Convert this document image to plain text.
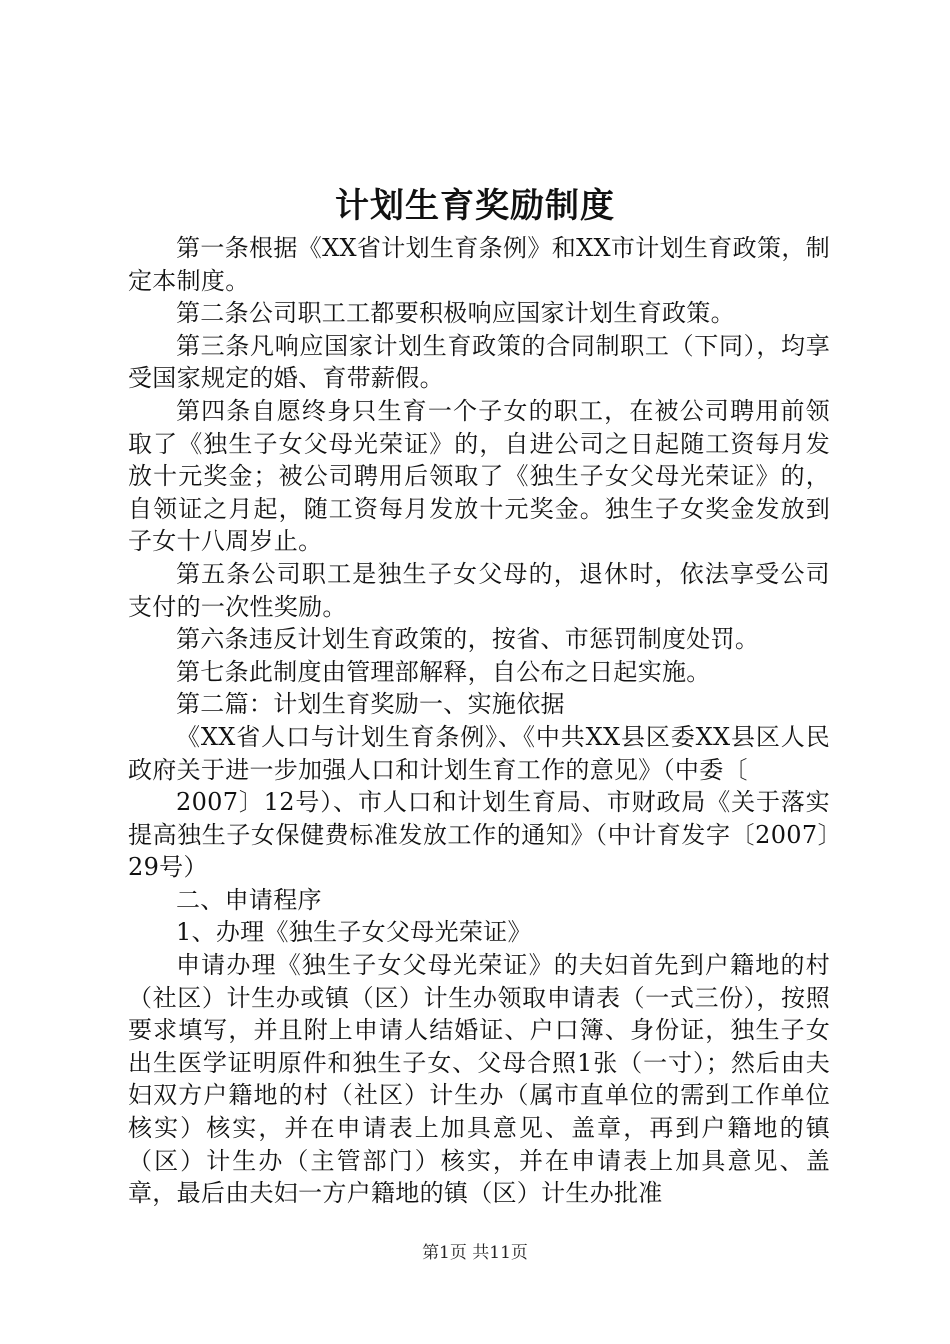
计划生育奖励制度

第一条根据《XX省计划生育条例》和XX市计划生育政策，制定本制度。

第二条公司职工工都要积极响应国家计划生育政策。

第三条凡响应国家计划生育政策的合同制职工（下同），均享受国家规定的婚、育带薪假。

第四条自愿终身只生育一个子女的职工，在被公司聘用前领取了《独生子女父母光荣证》的，自进公司之日起随工资每月发放十元奖金；被公司聘用后领取了《独生子女父母光荣证》的，自领证之月起，随工资每月发放十元奖金。独生子女奖金发放到子女十八周岁止。

第五条公司职工是独生子女父母的，退休时，依法享受公司支付的一次性奖励。

第六条违反计划生育政策的，按省、市惩罚制度处罚。

第七条此制度由管理部解释，自公布之日起实施。

第二篇：计划生育奖励一、实施依据

《XX省人口与计划生育条例》、《中共XX县区委XX县区人民政府关于进一步加强人口和计划生育工作的意见》（中委〔

2007〕12号）、市人口和计划生育局、市财政局《关于落实提高独生子女保健费标准发放工作的通知》（中计育发字〔2007〕29号）

二、申请程序

1、办理《独生子女父母光荣证》

申请办理《独生子女父母光荣证》的夫妇首先到户籍地的村（社区）计生办或镇（区）计生办领取申请表（一式三份），按照要求填写，并且附上申请人结婚证、户口簿、身份证，独生子女出生医学证明原件和独生子女、父母合照1张（一寸）；然后由夫妇双方户籍地的村（社区）计生办（属市直单位的需到工作单位核实）核实，并在申请表上加具意见、盖章，再到户籍地的镇（区）计生办（主管部门）核实，并在申请表上加具意见、盖章，最后由夫妇一方户籍地的镇（区）计生办批准

第1页 共11页
